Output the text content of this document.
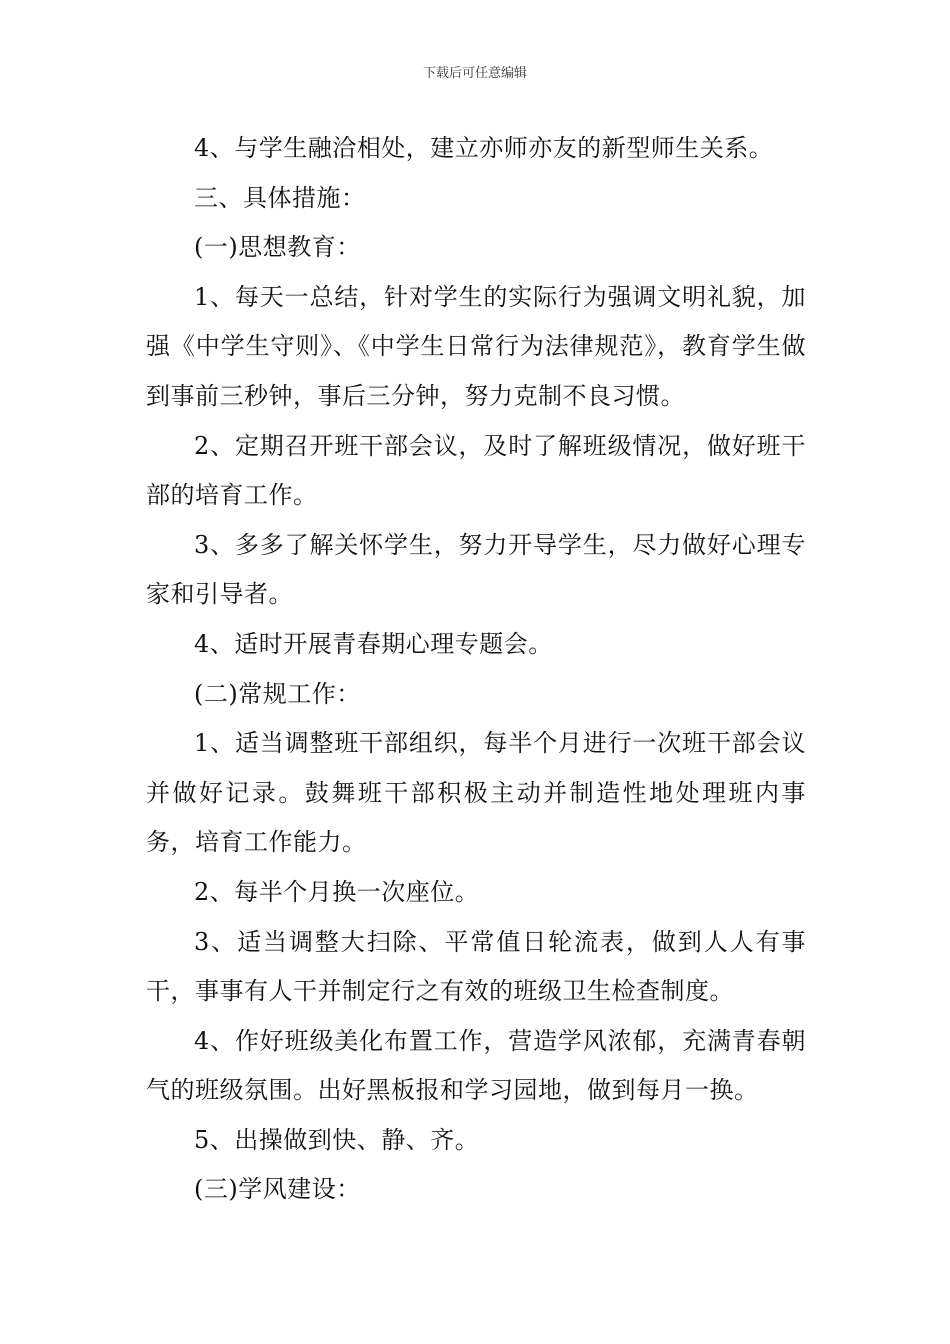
下载后可任意编辑

4、与学生融洽相处，建立亦师亦友的新型师生关系。

三、具体措施：

(一)思想教育：

1、每天一总结，针对学生的实际行为强调文明礼貌，加强《中学生守则》、《中学生日常行为法律规范》，教育学生做到事前三秒钟，事后三分钟，努力克制不良习惯。

2、定期召开班干部会议，及时了解班级情况，做好班干部的培育工作。

3、多多了解关怀学生，努力开导学生，尽力做好心理专家和引导者。

4、适时开展青春期心理专题会。

(二)常规工作：

1、适当调整班干部组织，每半个月进行一次班干部会议并做好记录。鼓舞班干部积极主动并制造性地处理班内事务，培育工作能力。

2、每半个月换一次座位。

3、适当调整大扫除、平常值日轮流表，做到人人有事干，事事有人干并制定行之有效的班级卫生检查制度。

4、作好班级美化布置工作，营造学风浓郁，充满青春朝气的班级氛围。出好黑板报和学习园地，做到每月一换。

5、出操做到快、静、齐。

(三)学风建设：
